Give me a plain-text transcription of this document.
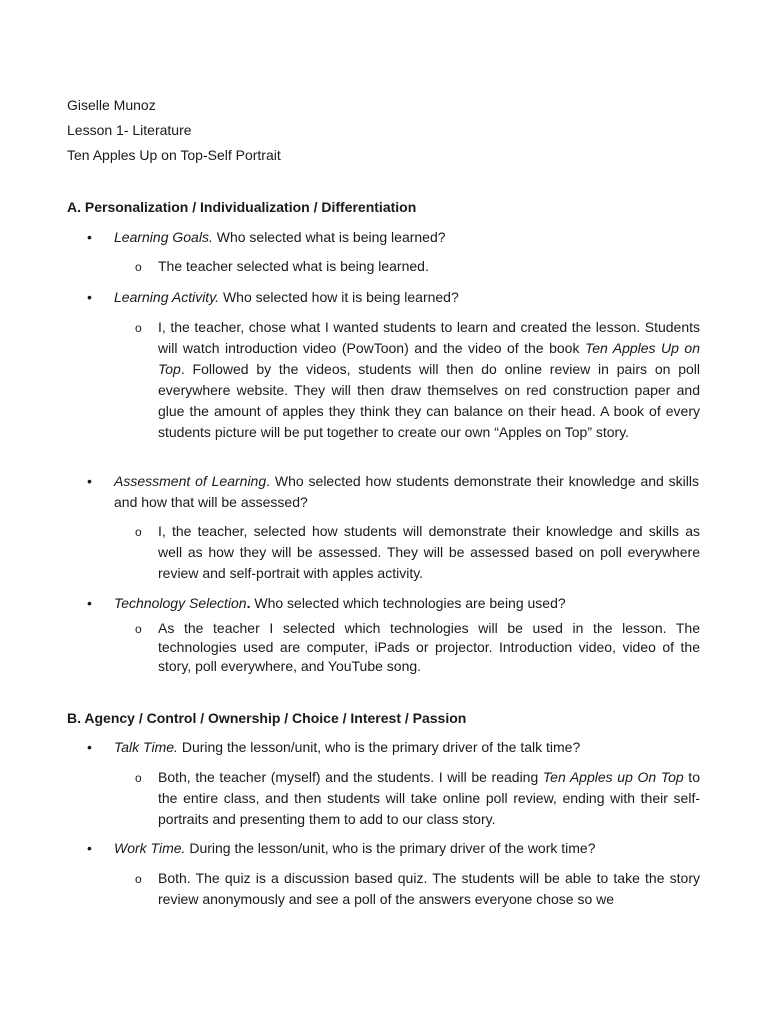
Giselle Munoz
Lesson 1- Literature
Ten Apples Up on Top-Self Portrait
A. Personalization / Individualization / Differentiation
• Learning Goals. Who selected what is being learned?
o The teacher selected what is being learned.
• Learning Activity. Who selected how it is being learned?
o I, the teacher, chose what I wanted students to learn and created the lesson. Students will watch introduction video (PowToon) and the video of the book Ten Apples Up on Top. Followed by the videos, students will then do online review in pairs on poll everywhere website. They will then draw themselves on red construction paper and glue the amount of apples they think they can balance on their head. A book of every students picture will be put together to create our own “Apples on Top” story.
• Assessment of Learning. Who selected how students demonstrate their knowledge and skills and how that will be assessed?
o I, the teacher, selected how students will demonstrate their knowledge and skills as well as how they will be assessed. They will be assessed based on poll everywhere review and self-portrait with apples activity.
• Technology Selection. Who selected which technologies are being used?
o As the teacher I selected which technologies will be used in the lesson. The technologies used are computer, iPads or projector. Introduction video, video of the story, poll everywhere, and YouTube song.
B. Agency / Control / Ownership / Choice / Interest / Passion
• Talk Time. During the lesson/unit, who is the primary driver of the talk time?
o Both, the teacher (myself) and the students. I will be reading Ten Apples up On Top to the entire class, and then students will take online poll review, ending with their self-portraits and presenting them to add to our class story.
• Work Time. During the lesson/unit, who is the primary driver of the work time?
o Both. The quiz is a discussion based quiz. The students will be able to take the story review anonymously and see a poll of the answers everyone chose so we
